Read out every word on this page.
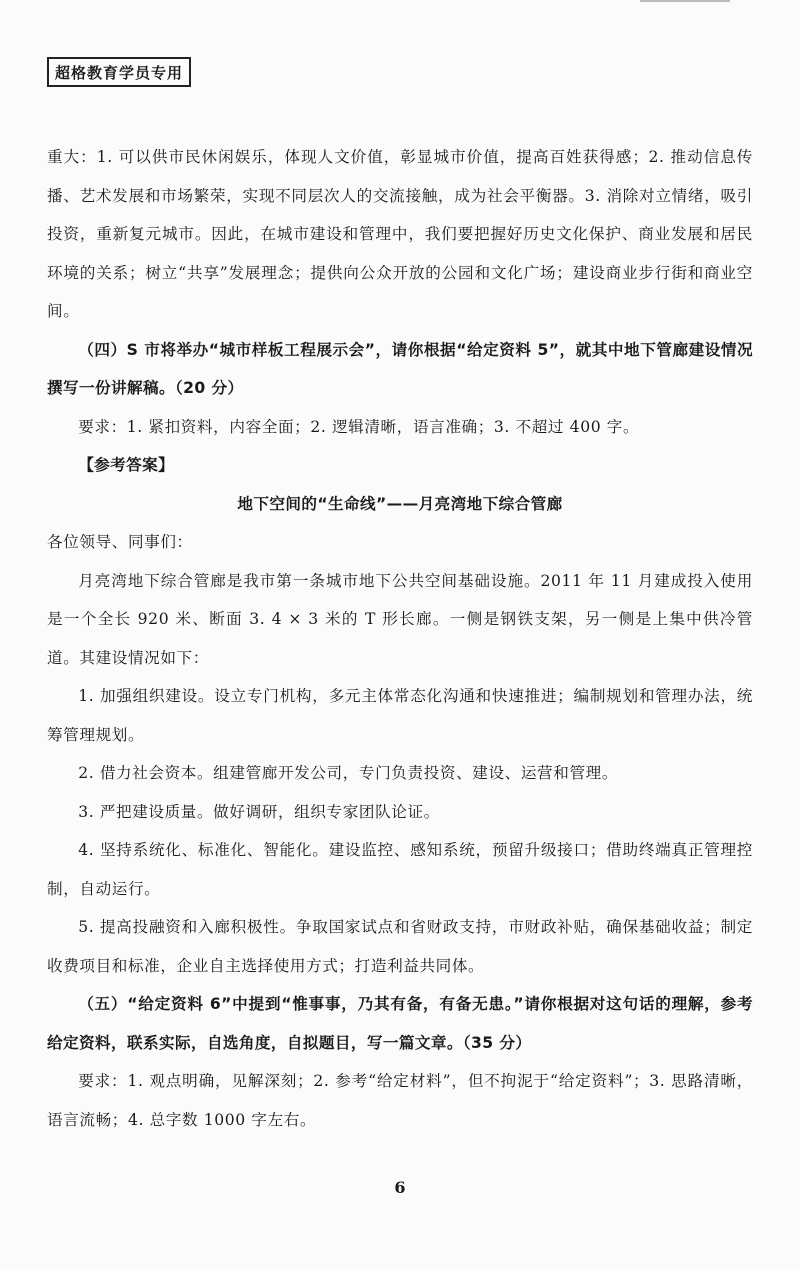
超格教育学员专用

重大：1. 可以供市民休闲娱乐，体现人文价值，彰显城市价值，提高百姓获得感；2. 推动信息传播、艺术发展和市场繁荣，实现不同层次人的交流接触，成为社会平衡器。3. 消除对立情绪，吸引投资，重新复元城市。因此，在城市建设和管理中，我们要把握好历史文化保护、商业发展和居民环境的关系；树立“共享”发展理念；提供向公众开放的公园和文化广场；建设商业步行街和商业空间。

（四）S 市将举办“城市样板工程展示会”，请你根据“给定资料 5”，就其中地下管廊建设情况撰写一份讲解稿。（20 分）

要求：1. 紧扣资料，内容全面；2. 逻辑清晰，语言准确；3. 不超过 400 字。

【参考答案】

地下空间的“生命线”——月亮湾地下综合管廊

各位领导、同事们：

月亮湾地下综合管廊是我市第一条城市地下公共空间基础设施。2011 年 11 月建成投入使用是一个全长 920 米、断面 3. 4 × 3 米的 T 形长廊。一侧是钢铁支架，另一侧是上集中供冷管道。其建设情况如下：

1. 加强组织建设。设立专门机构，多元主体常态化沟通和快速推进；编制规划和管理办法，统筹管理规划。

2. 借力社会资本。组建管廊开发公司，专门负责投资、建设、运营和管理。

3. 严把建设质量。做好调研，组织专家团队论证。

4. 坚持系统化、标准化、智能化。建设监控、感知系统，预留升级接口；借助终端真正管理控制，自动运行。

5. 提高投融资和入廊积极性。争取国家试点和省财政支持，市财政补贴，确保基础收益；制定收费项目和标准，企业自主选择使用方式；打造利益共同体。

（五）“给定资料 6”中提到“惟事事，乃其有备，有备无患。”请你根据对这句话的理解，参考给定资料，联系实际，自选角度，自拟题目，写一篇文章。（35 分）

要求：1. 观点明确，见解深刻；2. 参考“给定材料”，但不拘泥于“给定资料”；3. 思路清晰，语言流畅；4. 总字数 1000 字左右。

6
